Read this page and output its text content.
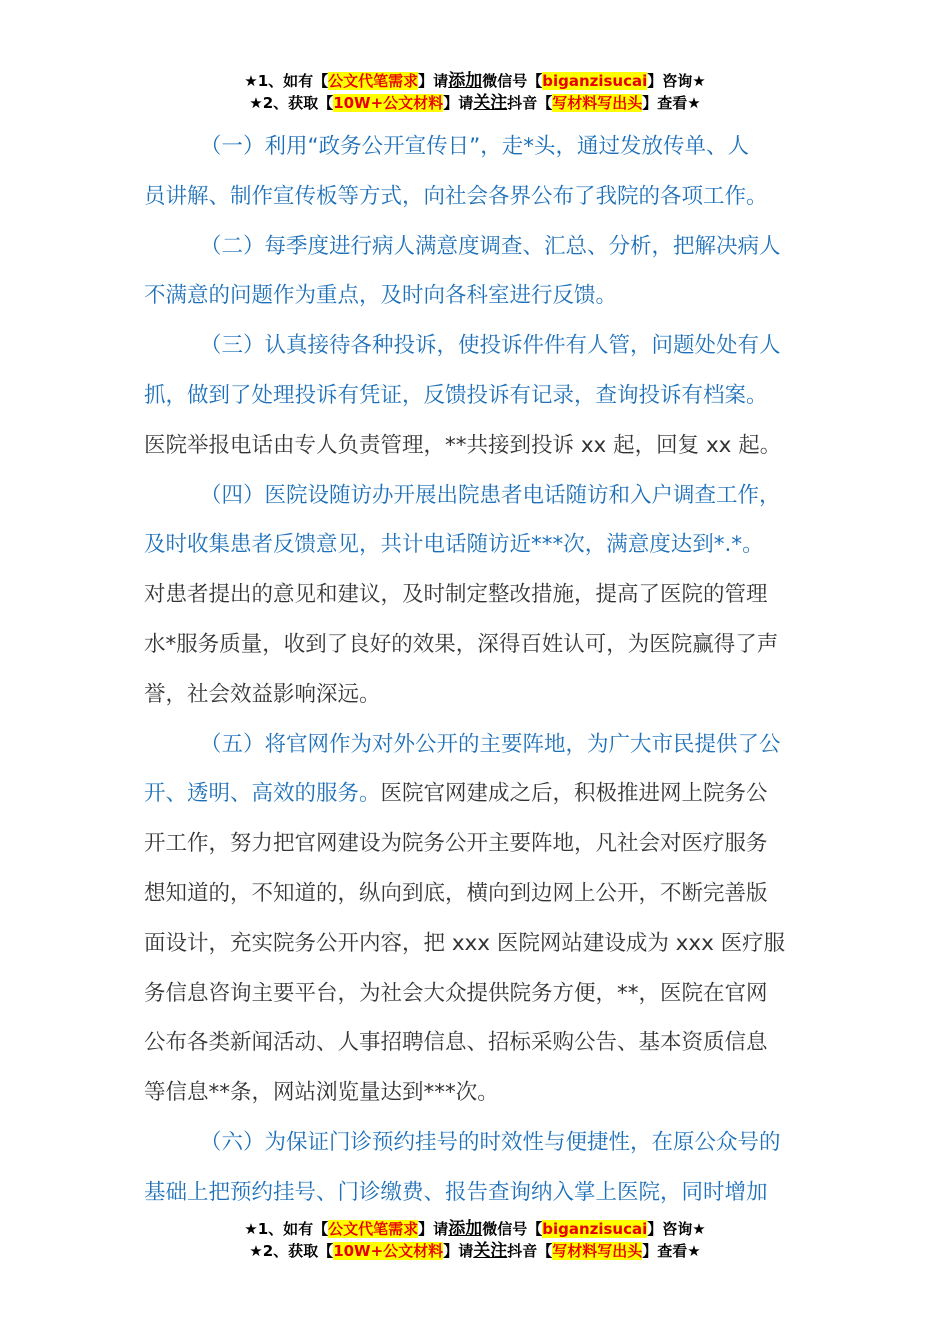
★1、如有【公文代笔需求】请添加微信号【biganzisucai】咨询★
★2、获取【10W+公文材料】请关注抖音【写材料写出头】查看★

（一）利用“政务公开宣传日”，走*头，通过发放传单、人

员讲解、制作宣传板等方式，向社会各界公布了我院的各项工作。

（二）每季度进行病人满意度调查、汇总、分析，把解决病人

不满意的问题作为重点，及时向各科室进行反馈。

（三）认真接待各种投诉，使投诉件件有人管，问题处处有人

抓，做到了处理投诉有凭证，反馈投诉有记录，查询投诉有档案。

医院举报电话由专人负责管理，**共接到投诉 xx 起，回复 xx 起。

（四）医院设随访办开展出院患者电话随访和入户调查工作，

及时收集患者反馈意见，共计电话随访近***次，满意度达到*.*。

对患者提出的意见和建议，及时制定整改措施，提高了医院的管理

水*服务质量，收到了良好的效果，深得百姓认可，为医院赢得了声

誉，社会效益影响深远。

（五）将官网作为对外公开的主要阵地，为广大市民提供了公

开、透明、高效的服务。医院官网建成之后，积极推进网上院务公

开工作，努力把官网建设为院务公开主要阵地，凡社会对医疗服务

想知道的，不知道的，纵向到底，横向到边网上公开，不断完善版

面设计，充实院务公开内容，把 xxx 医院网站建设成为 xxx 医疗服

务信息咨询主要平台，为社会大众提供院务方便，**，医院在官网

公布各类新闻活动、人事招聘信息、招标采购公告、基本资质信息

等信息**条，网站浏览量达到***次。

（六）为保证门诊预约挂号的时效性与便捷性，在原公众号的

基础上把预约挂号、门诊缴费、报告查询纳入掌上医院，同时增加

★1、如有【公文代笔需求】请添加微信号【biganzisucai】咨询★
★2、获取【10W+公文材料】请关注抖音【写材料写出头】查看★
